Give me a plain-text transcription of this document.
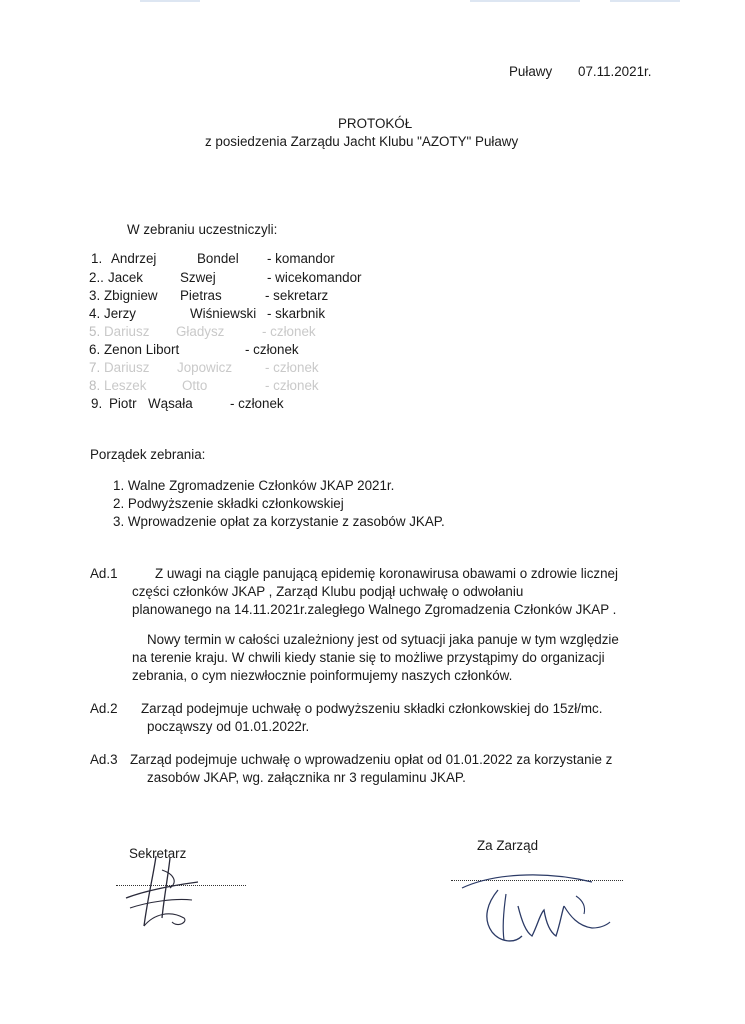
Puławy 07.11.2021r.
PROTOKÓŁ
z posiedzenia Zarządu Jacht Klubu "AZOTY" Puławy
W zebraniu uczestniczyli:
1. Andrzej	Bondel - komandor
2.. Jacek	Szwej	- wicekomandor
3. Zbigniew Pietras	- sekretarz
4. Jerzy	Wiśniewski - skarbnik
5. Dariusz Gładysz	- członek
6. Zenon Libort	- członek
7. Dariusz Jopowicz - członek
8. Leszek	Otto	- członek
9. Piotr Wąsała	- członek
Porządek zebrania:
1. Walne Zgromadzenie Członków JKAP 2021r.
2. Podwyższenie składki członkowskiej
3. Wprowadzenie opłat za korzystanie z zasobów JKAP.
Ad.1	Z uwagi na ciągle panującą epidemię koronawirusa obawami o zdrowie licznej
części członków JKAP , Zarząd Klubu podjął uchwałę o odwołaniu
planowanego na 14.11.2021r.zaległego Walnego Zgromadzenia Członków JKAP .
Nowy termin w całości uzależniony jest od sytuacji jaka panuje w tym względzie
na terenie kraju. W chwili kiedy stanie się to możliwe przystąpimy do organizacji
zebrania, o cym niezwłocznie poinformujemy naszych członków.
Ad.2 Zarząd podejmuje uchwałę o podwyższeniu składki członkowskiej do 15zł/mc.
począwszy od 01.01.2022r.
Ad.3 Zarząd podejmuje uchwałę o wprowadzeniu opłat od 01.01.2022 za korzystanie z
zasobów JKAP, wg. załącznika nr 3 regulaminu JKAP.
Sekretarz
Za Zarząd
